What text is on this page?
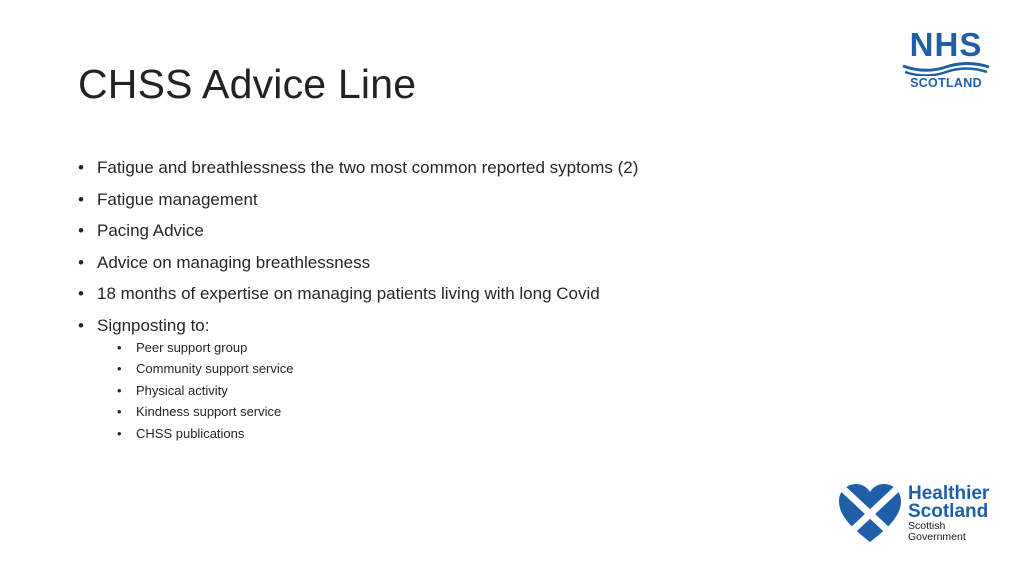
CHSS Advice Line
• Fatigue and breathlessness the two most common reported syptoms (2)
• Fatigue management
• Pacing Advice
• Advice on managing breathlessness
• 18 months of expertise on managing patients living with long Covid
• Signposting to:
• Peer support group
• Community support service
• Physical activity
• Kindness support service
• CHSS publications
NHS
SCOTLAND
Healthier
Scotland
Scottish
Government
